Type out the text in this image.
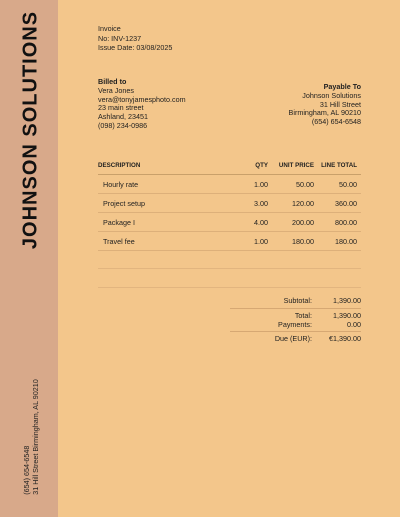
JOHNSON SOLUTIONS
(654) 654-6548 31 Hill Street Birmingham, AL 90210
Invoice
No: INV-1237
Issue Date: 03/08/2025
Billed to
Vera Jones
vera@tonyjamesphoto.com
23 main street
Ashland, 23451
(098) 234-0986
Payable To
Johnson Solutions
31 Hill Street
Birmingham, AL 90210
(654) 654-6548
DESCRIPTION	QTY	UNIT PRICE	LINE TOTAL
Hourly rate	1.00	50.00	50.00
Project setup	3.00	120.00	360.00
Package I	4.00	200.00	800.00
Travel fee	1.00	180.00	180.00
Subtotal:	1,390.00
Total:	1,390.00
Payments:	0.00
Due (EUR):	€1,390.00
